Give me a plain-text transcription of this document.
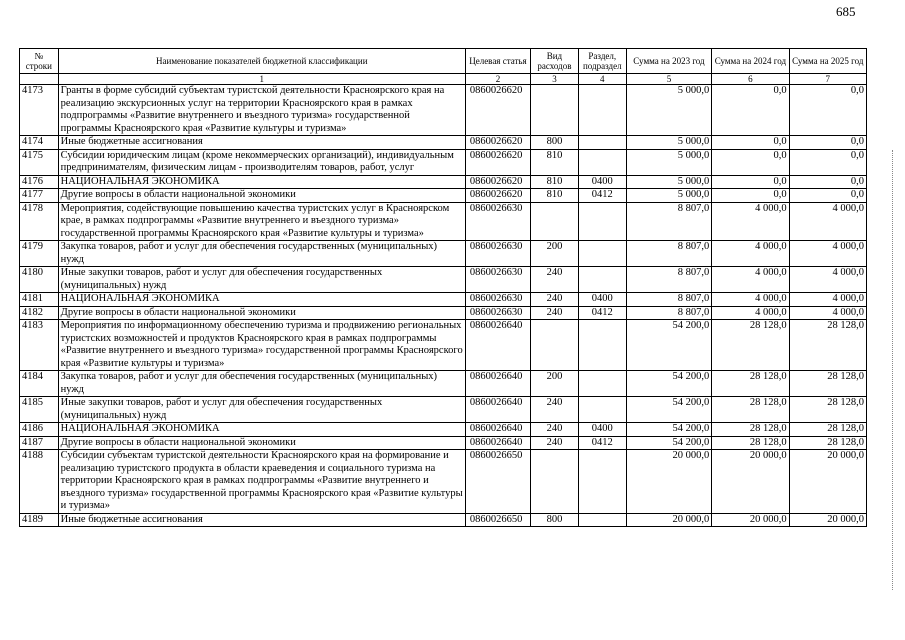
685
№ строки	Наименование показателей бюджетной классификации	Целевая статья	Вид расходов	Раздел, подраздел	Сумма на 2023 год	Сумма на 2024 год	Сумма на 2025 год
	1	2	3	4	5	6	7
4173	Гранты в форме субсидий субъектам туристской деятельности Красноярского края на реализацию экскурсионных услуг на территории Красноярского края в рамках подпрограммы «Развитие внутреннего и въездного туризма» государственной программы Красноярского края «Развитие культуры и туризма»	0860026620			5 000,0	0,0	0,0
4174	Иные бюджетные ассигнования	0860026620	800		5 000,0	0,0	0,0
4175	Субсидии юридическим лицам (кроме некоммерческих организаций), индивидуальным предпринимателям, физическим лицам - производителям товаров, работ, услуг	0860026620	810		5 000,0	0,0	0,0
4176	НАЦИОНАЛЬНАЯ ЭКОНОМИКА	0860026620	810	0400	5 000,0	0,0	0,0
4177	Другие вопросы в области национальной экономики	0860026620	810	0412	5 000,0	0,0	0,0
4178	Мероприятия, содействующие повышению качества туристских услуг в Красноярском крае, в рамках подпрограммы «Развитие внутреннего и въездного туризма» государственной программы Красноярского края «Развитие культуры и туризма»	0860026630			8 807,0	4 000,0	4 000,0
4179	Закупка товаров, работ и услуг для обеспечения государственных (муниципальных) нужд	0860026630	200		8 807,0	4 000,0	4 000,0
4180	Иные закупки товаров, работ и услуг для обеспечения государственных (муниципальных) нужд	0860026630	240		8 807,0	4 000,0	4 000,0
4181	НАЦИОНАЛЬНАЯ ЭКОНОМИКА	0860026630	240	0400	8 807,0	4 000,0	4 000,0
4182	Другие вопросы в области национальной экономики	0860026630	240	0412	8 807,0	4 000,0	4 000,0
4183	Мероприятия по информационному обеспечению туризма и продвижению региональных туристских возможностей и продуктов Красноярского края в рамках подпрограммы «Развитие внутреннего и въездного туризма» государственной программы Красноярского края «Развитие культуры и туризма»	0860026640			54 200,0	28 128,0	28 128,0
4184	Закупка товаров, работ и услуг для обеспечения государственных (муниципальных) нужд	0860026640	200		54 200,0	28 128,0	28 128,0
4185	Иные закупки товаров, работ и услуг для обеспечения государственных (муниципальных) нужд	0860026640	240		54 200,0	28 128,0	28 128,0
4186	НАЦИОНАЛЬНАЯ ЭКОНОМИКА	0860026640	240	0400	54 200,0	28 128,0	28 128,0
4187	Другие вопросы в области национальной экономики	0860026640	240	0412	54 200,0	28 128,0	28 128,0
4188	Субсидии субъектам туристской деятельности Красноярского края на формирование и реализацию туристского продукта в области краеведения и социального туризма на территории Красноярского края в рамках подпрограммы «Развитие внутреннего и въездного туризма» государственной программы Красноярского края «Развитие культуры и туризма»	0860026650			20 000,0	20 000,0	20 000,0
4189	Иные бюджетные ассигнования	0860026650	800		20 000,0	20 000,0	20 000,0
